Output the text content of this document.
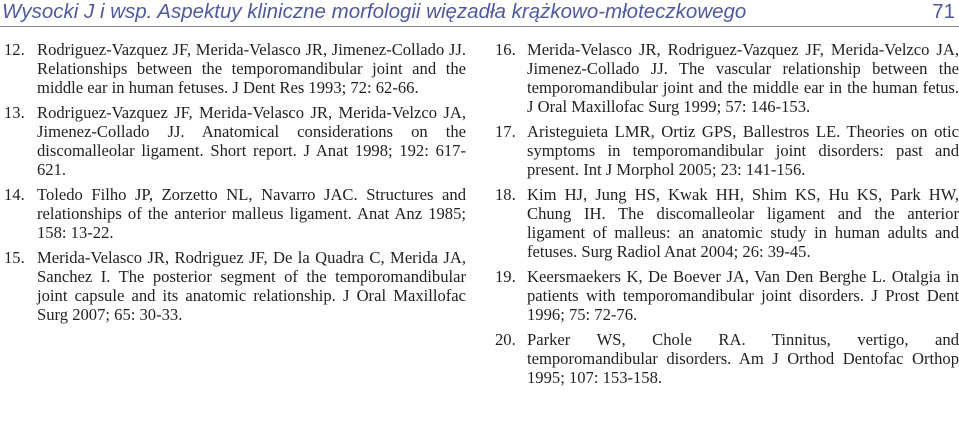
Wysocki J i wsp. Aspektuy kliniczne morfologii więzadła krążkowo-młoteczkowego	71
12. Rodriguez-Vazquez JF, Merida-Velasco JR, Jimenez-Collado JJ. Relationships between the temporomandibular joint and the middle ear in human fetuses. J Dent Res 1993; 72: 62-66.
13. Rodriguez-Vazquez JF, Merida-Velasco JR, Merida-Velzco JA, Jimenez-Collado JJ. Anatomical considerations on the discomalleolar ligament. Short report. J Anat 1998; 192: 617-621.
14. Toledo Filho JP, Zorzetto NL, Navarro JAC. Structures and relationships of the anterior malleus ligament. Anat Anz 1985; 158: 13-22.
15. Merida-Velasco JR, Rodriguez JF, De la Quadra C, Merida JA, Sanchez I. The posterior segment of the temporomandibular joint capsule and its anatomic relationship. J Oral Maxillofac Surg 2007; 65: 30-33.
16. Merida-Velasco JR, Rodriguez-Vazquez JF, Merida-Velzco JA, Jimenez-Collado JJ. The vascular relationship between the temporomandibular joint and the middle ear in the human fetus. J Oral Maxillofac Surg 1999; 57: 146-153.
17. Aristeguieta LMR, Ortiz GPS, Ballestros LE. Theories on otic symptoms in temporomandibular joint disorders: past and present. Int J Morphol 2005; 23: 141-156.
18. Kim HJ, Jung HS, Kwak HH, Shim KS, Hu KS, Park HW, Chung IH. The discomalleolar ligament and the anterior ligament of malleus: an anatomic study in human adults and fetuses. Surg Radiol Anat 2004; 26: 39-45.
19. Keersmaekers K, De Boever JA, Van Den Berghe L. Otalgia in patients with temporomandibular joint disorders. J Prost Dent 1996; 75: 72-76.
20. Parker WS, Chole RA. Tinnitus, vertigo, and temporomandibular disorders. Am J Orthod Dentofac Orthop 1995; 107: 153-158.
